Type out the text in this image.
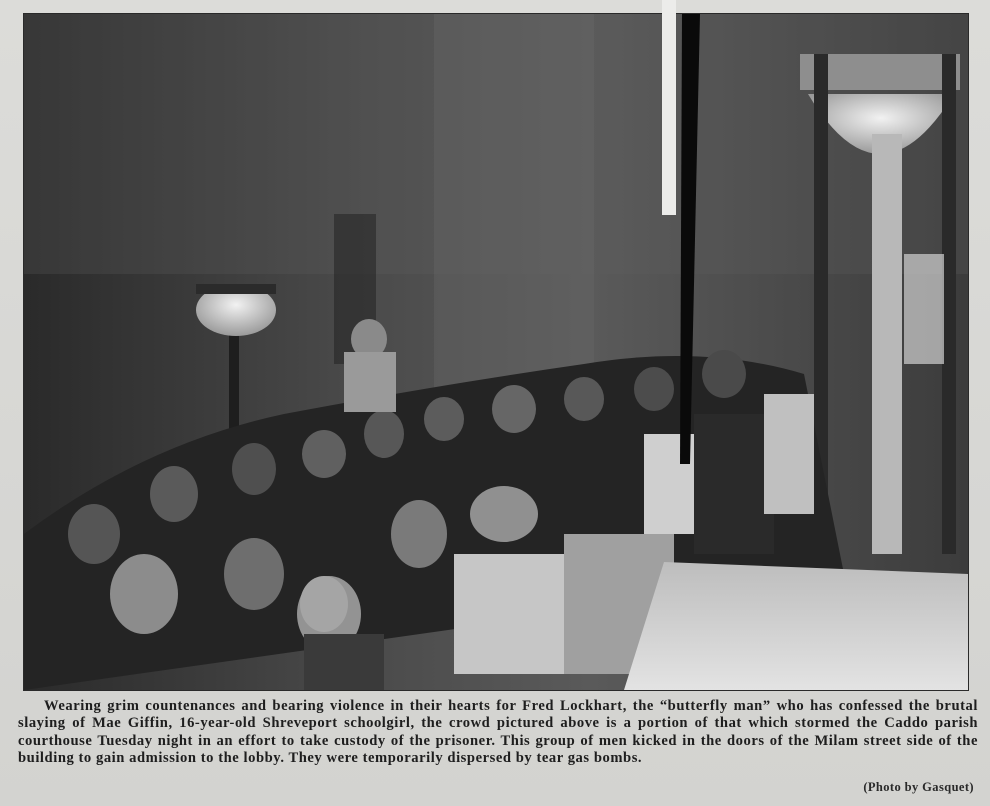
Wearing grim countenances and bearing violence in their hearts for Fred Lockhart, the “butterfly man” who has confessed the brutal slaying of Mae Giffin, 16-year-old Shreveport schoolgirl, the crowd pictured above is a portion of that which stormed the Caddo parish courthouse Tuesday night in an effort to take custody of the prisoner. This group of men kicked in the doors of the Milam street side of the building to gain admission to the lobby. They were temporarily dispersed by tear gas bombs.

(Photo by Gasquet)
